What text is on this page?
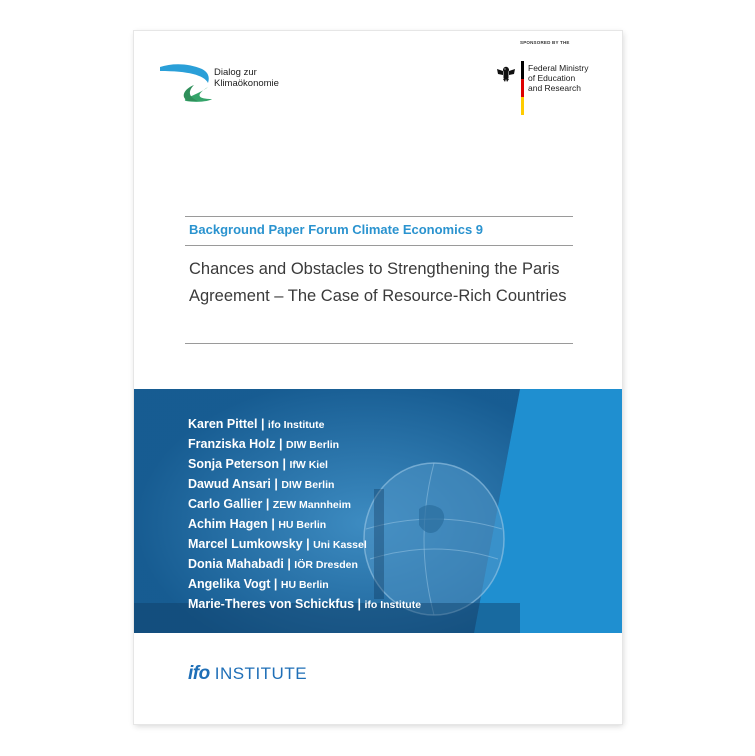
Dialog zur
Klimaökonomie
SPONSORED BY THE
Federal Ministry
of Education
and Research
Background Paper Forum Climate Economics 9
Chances and Obstacles to Strengthening the Paris Agreement – The Case of Resource-Rich Countries
Karen Pittel | ifo Institute
Franziska Holz | DIW Berlin
Sonja Peterson | IfW Kiel
Dawud Ansari | DIW Berlin
Carlo Gallier | ZEW Mannheim
Achim Hagen | HU Berlin
Marcel Lumkowsky | Uni Kassel
Donia Mahabadi | IÖR Dresden
Angelika Vogt | HU Berlin
Marie-Theres von Schickfus | ifo Institute
ifo INSTITUTE
